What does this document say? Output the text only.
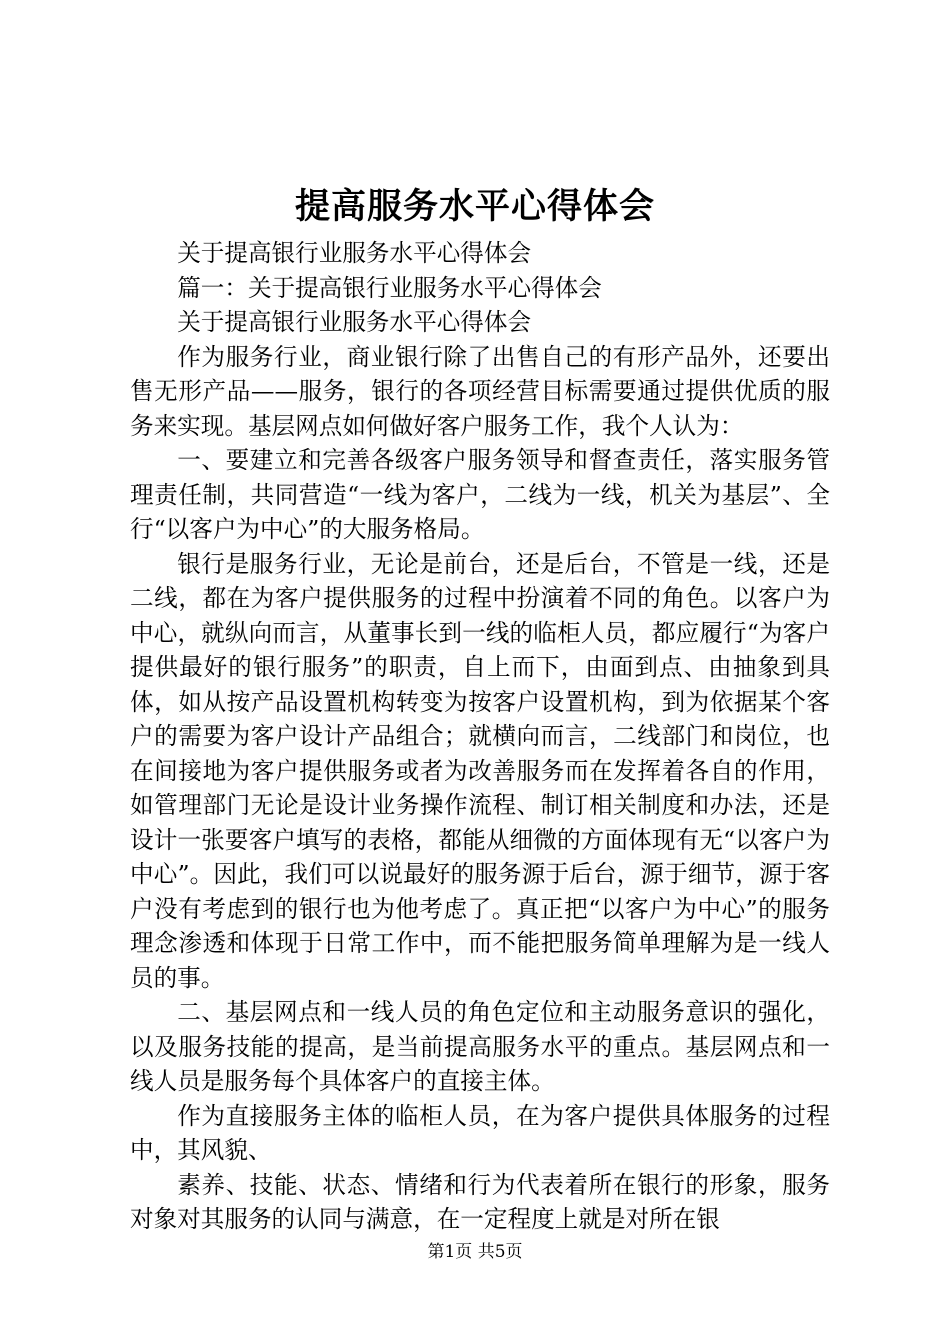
提高服务水平心得体会

关于提高银行业服务水平心得体会

篇一：关于提高银行业服务水平心得体会

关于提高银行业服务水平心得体会

作为服务行业，商业银行除了出售自己的有形产品外，还要出售无形产品——服务，银行的各项经营目标需要通过提供优质的服务来实现。基层网点如何做好客户服务工作，我个人认为：

一、要建立和完善各级客户服务领导和督查责任，落实服务管理责任制，共同营造“一线为客户，二线为一线，机关为基层”、全行“以客户为中心”的大服务格局。

银行是服务行业，无论是前台，还是后台，不管是一线，还是二线，都在为客户提供服务的过程中扮演着不同的角色。以客户为中心，就纵向而言，从董事长到一线的临柜人员，都应履行“为客户提供最好的银行服务”的职责，自上而下，由面到点、由抽象到具体，如从按产品设置机构转变为按客户设置机构，到为依据某个客户的需要为客户设计产品组合；就横向而言，二线部门和岗位，也在间接地为客户提供服务或者为改善服务而在发挥着各自的作用，如管理部门无论是设计业务操作流程、制订相关制度和办法，还是设计一张要客户填写的表格，都能从细微的方面体现有无“以客户为中心”。因此，我们可以说最好的服务源于后台，源于细节，源于客户没有考虑到的银行也为他考虑了。真正把“以客户为中心”的服务理念渗透和体现于日常工作中，而不能把服务简单理解为是一线人员的事。

二、基层网点和一线人员的角色定位和主动服务意识的强化，以及服务技能的提高，是当前提高服务水平的重点。基层网点和一线人员是服务每个具体客户的直接主体。

作为直接服务主体的临柜人员，在为客户提供具体服务的过程中，其风貌、

素养、技能、状态、情绪和行为代表着所在银行的形象，服务对象对其服务的认同与满意，在一定程度上就是对所在银

第1页 共5页
